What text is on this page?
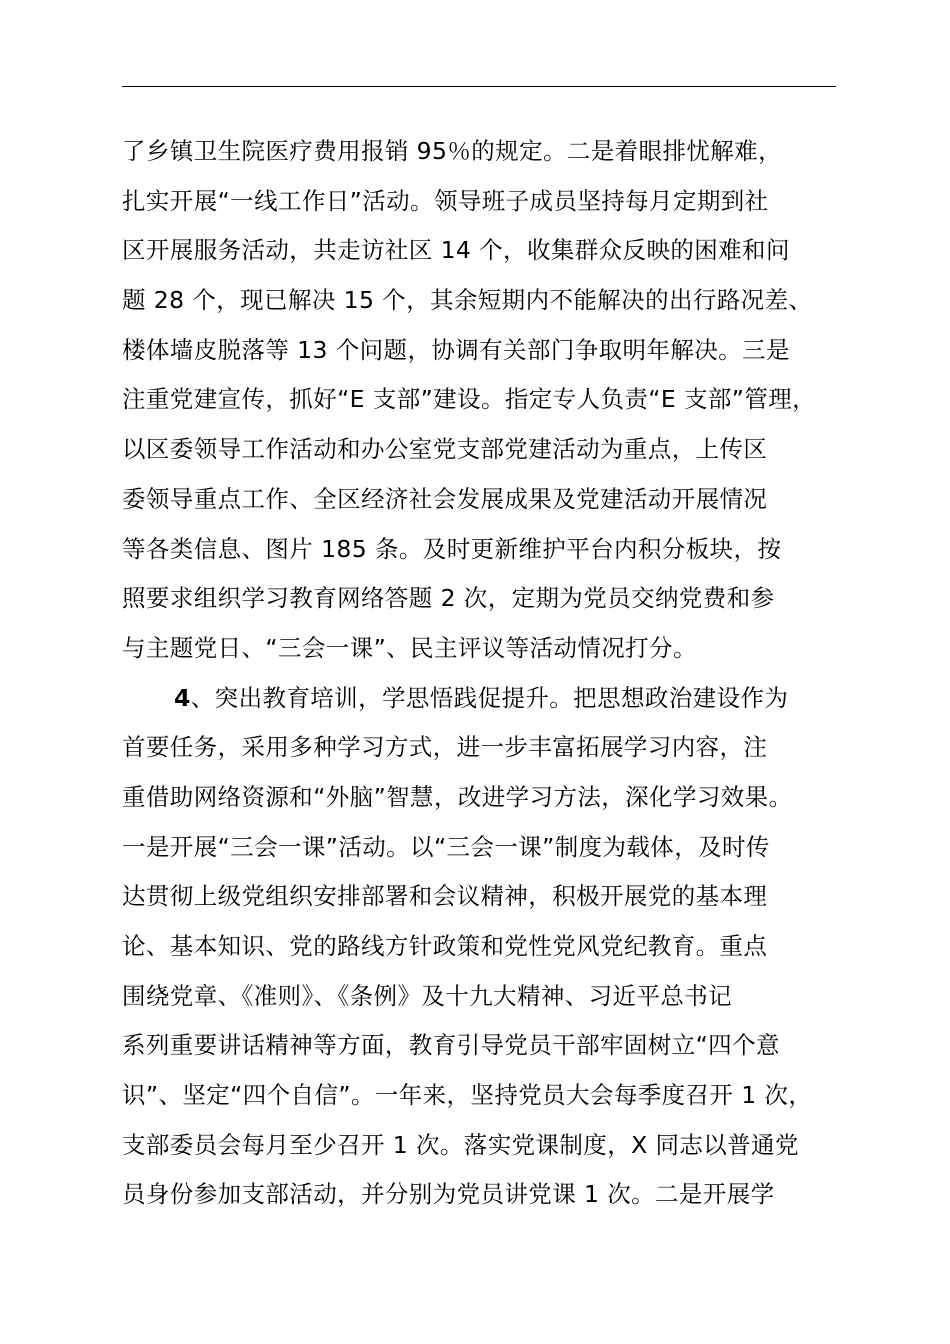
了乡镇卫生院医疗费用报销 95％的规定。二是着眼排忧解难，
扎实开展“一线工作日”活动。领导班子成员坚持每月定期到社
区开展服务活动，共走访社区 14 个，收集群众反映的困难和问
题 28 个，现已解决 15 个，其余短期内不能解决的出行路况差、
楼体墙皮脱落等 13 个问题，协调有关部门争取明年解决。三是
注重党建宣传，抓好“E 支部”建设。指定专人负责“E 支部”管理，
以区委领导工作活动和办公室党支部党建活动为重点，上传区
委领导重点工作、全区经济社会发展成果及党建活动开展情况
等各类信息、图片 185 条。及时更新维护平台内积分板块，按
照要求组织学习教育网络答题 2 次，定期为党员交纳党费和参
与主题党日、“三会一课”、民主评议等活动情况打分。
4、突出教育培训，学思悟践促提升。把思想政治建设作为
首要任务，采用多种学习方式，进一步丰富拓展学习内容，注
重借助网络资源和“外脑”智慧，改进学习方法，深化学习效果。
一是开展“三会一课”活动。以“三会一课”制度为载体，及时传
达贯彻上级党组织安排部署和会议精神，积极开展党的基本理
论、基本知识、党的路线方针政策和党性党风党纪教育。重点
围绕党章、《准则》、《条例》及十九大精神、习近平总书记
系列重要讲话精神等方面，教育引导党员干部牢固树立“四个意
识”、坚定“四个自信”。一年来，坚持党员大会每季度召开 1 次，
支部委员会每月至少召开 1 次。落实党课制度，X 同志以普通党
员身份参加支部活动，并分别为党员讲党课 1 次。二是开展学
